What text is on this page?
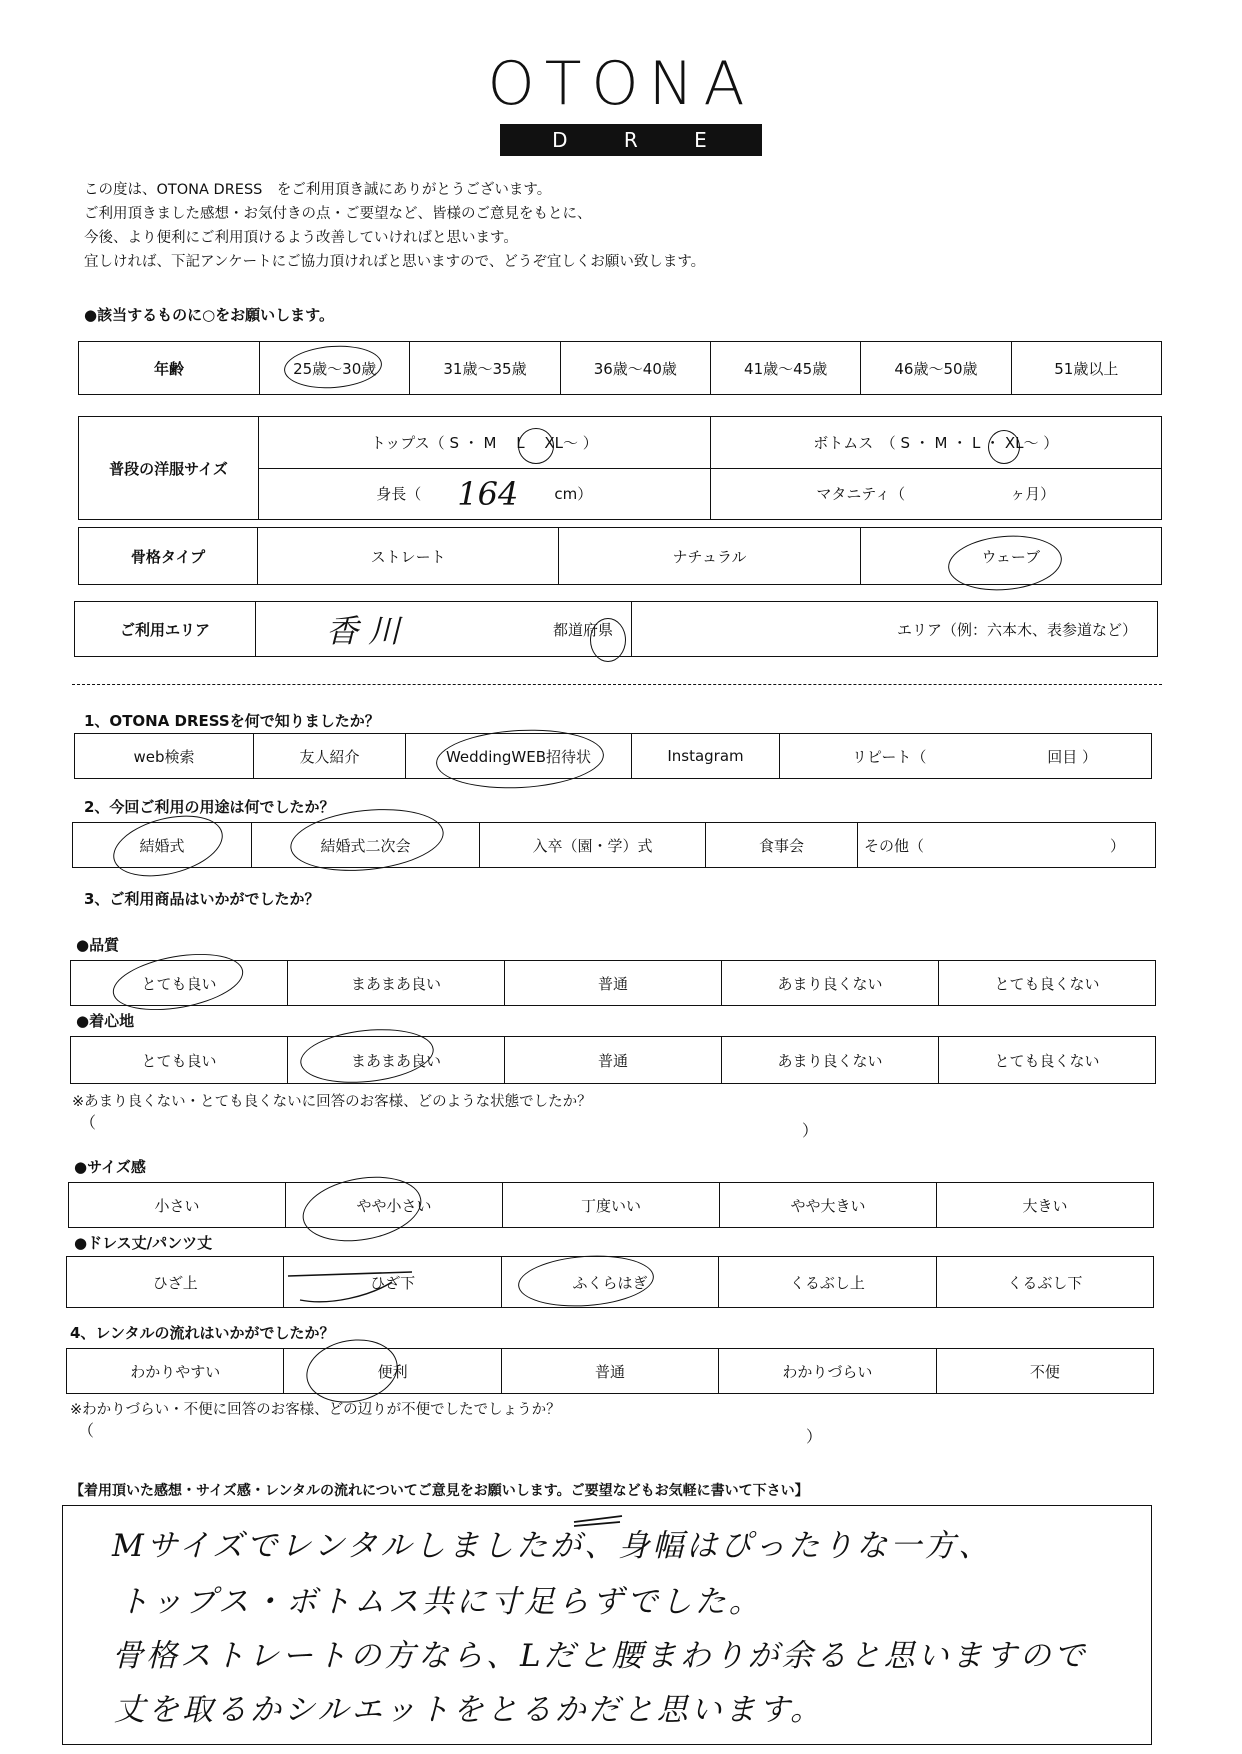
OTONA
D R E S S
この度は、OTONA DRESS　をご利用頂き誠にありがとうございます。
ご利用頂きました感想・お気付きの点・ご要望など、皆様のご意見をもとに、
今後、より便利にご利用頂けるよう改善していければと思います。
宜しければ、下記アンケートにご協力頂ければと思いますので、どうぞ宜しくお願い致します。
●該当するものに○をお願いします。
年齢	25歳～30歳	31歳～35歳	36歳～40歳	41歳～45歳	46歳～50歳	51歳以上
普段の洋服サイズ
トップス（ S ・ M 　L 　XL～ ）	ボトムス　（ S ・ M ・ L ・ XL～ ）
身長（ 164 cm）	マタニティ（　　　　　　　ヶ月）
骨格タイプ	ストレート	ナチュラル	ウェーブ
ご利用エリア	香川	都道府県	エリア（例：六本木、表参道など）
1、OTONA DRESSを何で知りましたか？
web検索	友人紹介	WeddingWEB招待状	Instagram	リピート（	回目 ）
2、今回ご利用の用途は何でしたか？
結婚式	結婚式二次会	入卒（園・学）式	食事会	その他（	）
3、ご利用商品はいかがでしたか？
●品質
とても良い	まあまあ良い	普通	あまり良くない	とても良くない
●着心地
とても良い	まあまあ良い	普通	あまり良くない	とても良くない
※あまり良くない・とても良くないに回答のお客様、どのような状態でしたか？
（	）
●サイズ感
小さい	やや小さい	丁度いい	やや大きい	大きい
●ドレス丈/パンツ丈
ひざ上	ひざ下	ふくらはぎ	くるぶし上	くるぶし下
4、レンタルの流れはいかがでしたか？
わかりやすい	便利	普通	わかりづらい	不便
※わかりづらい・不便に回答のお客様、どの辺りが不便でしたでしょうか？
（	）
【着用頂いた感想・サイズ感・レンタルの流れについてご意見をお願いします。ご要望などもお気軽に書いて下さい】
Mサイズでレンタルしましたが、身幅はぴったりな一方、
トップス・ボトムス共に寸足らずでした。
骨格ストレートの方なら、Lだと腰まわりが余ると思いますので
丈を取るかシルエットをとるかだと思います。
